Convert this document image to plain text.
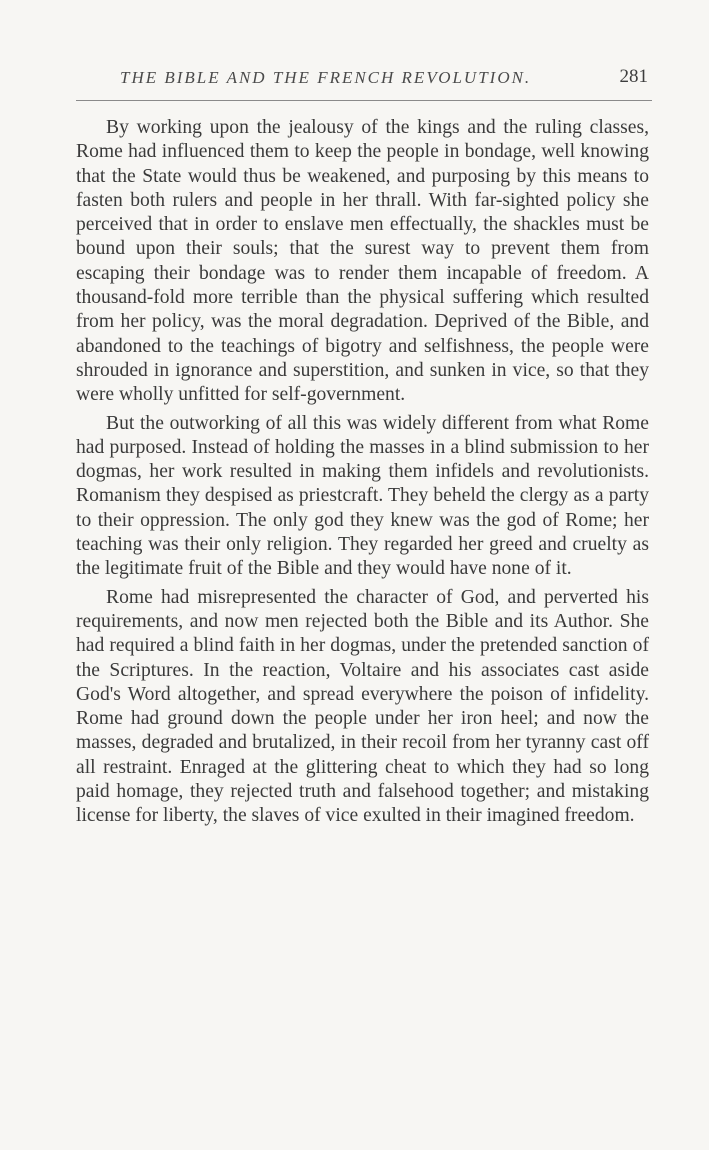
THE BIBLE AND THE FRENCH REVOLUTION.	281

By working upon the jealousy of the kings and the ruling classes, Rome had influenced them to keep the people in bondage, well knowing that the State would thus be weakened, and purposing by this means to fasten both rulers and people in her thrall. With far-sighted policy she perceived that in order to enslave men effectually, the shackles must be bound upon their souls; that the surest way to prevent them from escaping their bondage was to render them incapable of freedom. A thousand-fold more terrible than the physical suffering which resulted from her policy, was the moral degradation. Deprived of the Bible, and abandoned to the teachings of bigotry and selfishness, the people were shrouded in ignorance and superstition, and sunken in vice, so that they were wholly unfitted for self-government.

But the outworking of all this was widely different from what Rome had purposed. Instead of holding the masses in a blind submission to her dogmas, her work resulted in making them infidels and revolutionists. Romanism they despised as priestcraft. They beheld the clergy as a party to their oppression. The only god they knew was the god of Rome; her teaching was their only religion. They regarded her greed and cruelty as the legitimate fruit of the Bible and they would have none of it.

Rome had misrepresented the character of God, and perverted his requirements, and now men rejected both the Bible and its Author. She had required a blind faith in her dogmas, under the pretended sanction of the Scriptures. In the reaction, Voltaire and his associates cast aside God's Word altogether, and spread everywhere the poison of infidelity. Rome had ground down the people under her iron heel; and now the masses, degraded and brutalized, in their recoil from her tyranny cast off all restraint. Enraged at the glittering cheat to which they had so long paid homage, they rejected truth and falsehood together; and mistaking license for liberty, the slaves of vice exulted in their imagined freedom.
